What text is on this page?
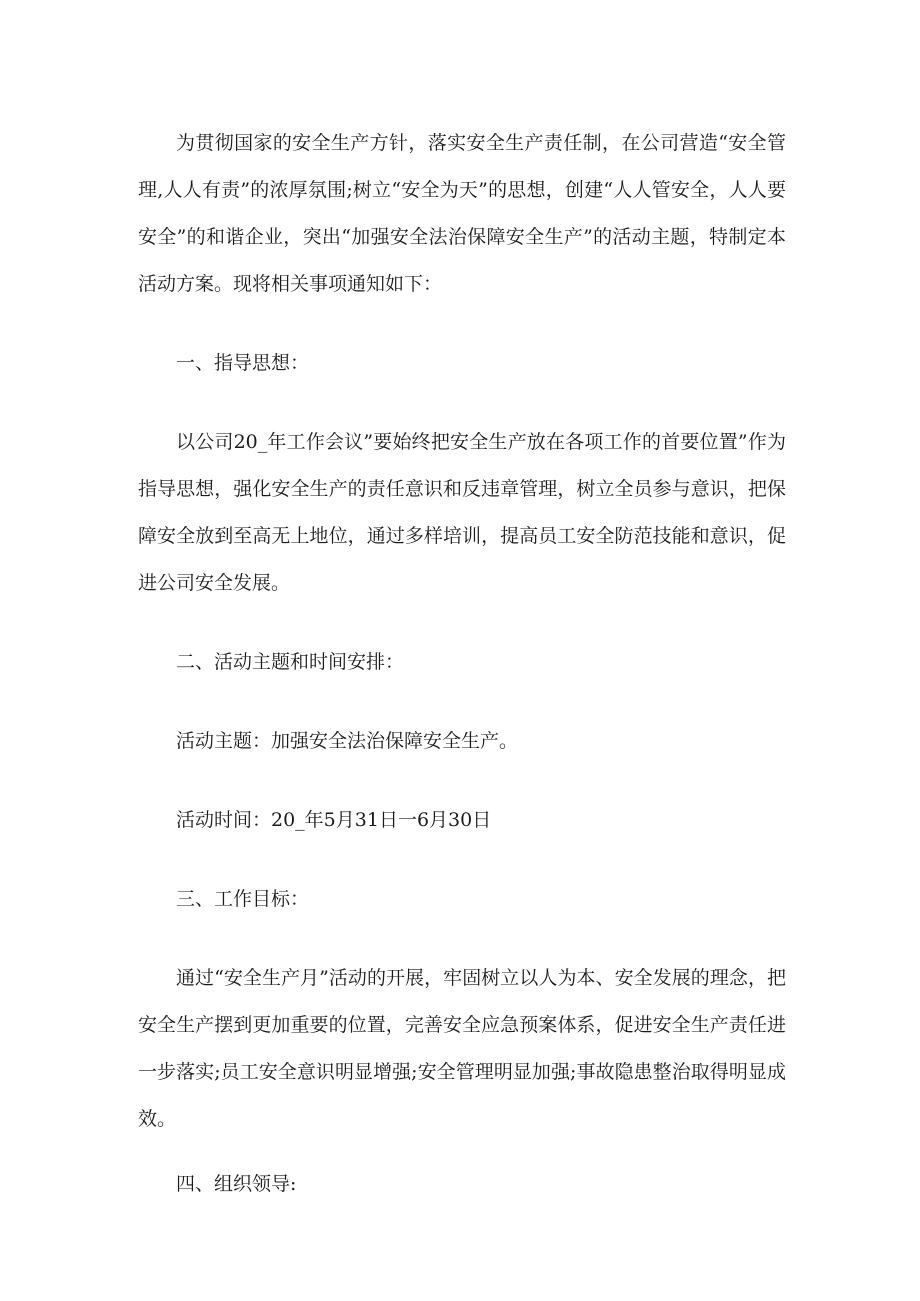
为贯彻国家的安全生产方针，落实安全生产责任制，在公司营造“安全管理,人人有责”的浓厚氛围;树立“安全为天”的思想，创建“人人管安全，人人要安全”的和谐企业，突出“加强安全法治保障安全生产”的活动主题，特制定本活动方案。现将相关事项通知如下：

一、指导思想：

以公司20_年工作会议”要始终把安全生产放在各项工作的首要位置”作为指导思想，强化安全生产的责任意识和反违章管理，树立全员参与意识，把保障安全放到至高无上地位，通过多样培训，提高员工安全防范技能和意识，促进公司安全发展。

二、活动主题和时间安排：

活动主题：加强安全法治保障安全生产。

活动时间：20_年5月31日一6月30日

三、工作目标：

通过“安全生产月”活动的开展，牢固树立以人为本、安全发展的理念，把安全生产摆到更加重要的位置，完善安全应急预案体系，促进安全生产责任进一步落实;员工安全意识明显增强;安全管理明显加强;事故隐患整治取得明显成效。

四、组织领导:
